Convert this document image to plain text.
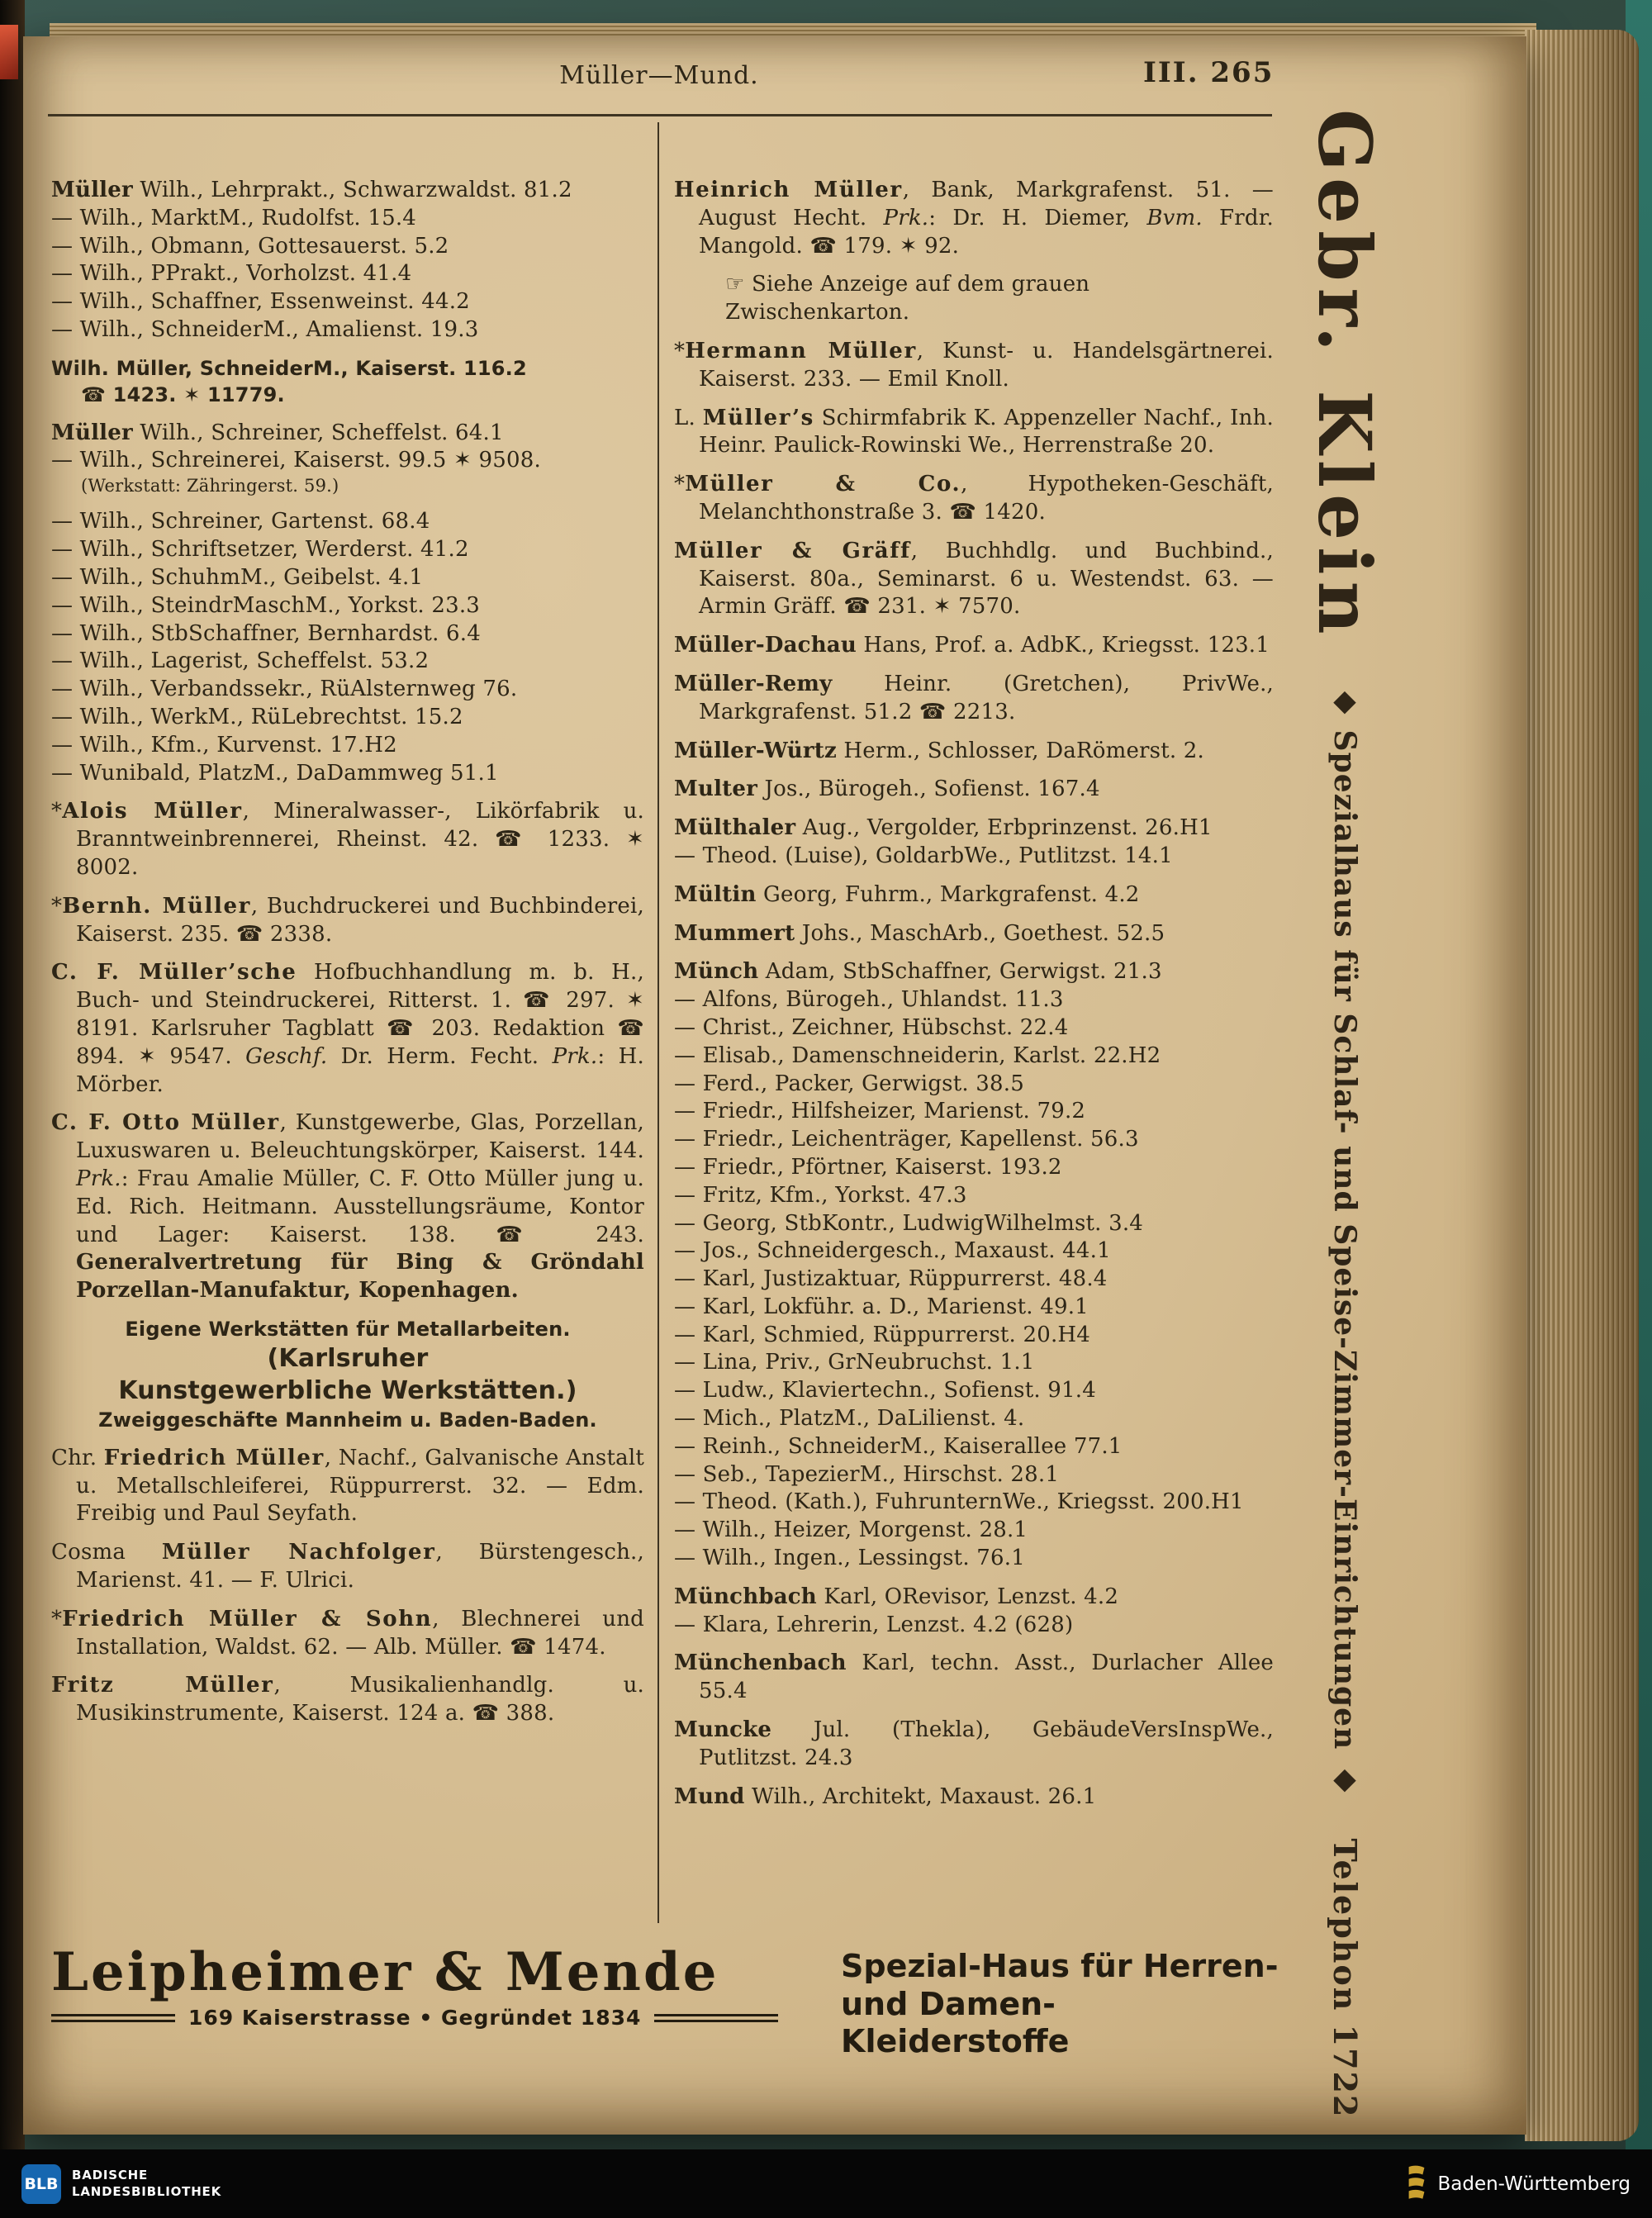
Müller—Mund.	III. 265

Müller Wilh., Lehrprakt., Schwarzwaldst. 81.2

— Wilh., MarktM., Rudolfst. 15.4

— Wilh., Obmann, Gottesauerst. 5.2

— Wilh., PPrakt., Vorholzst. 41.4

— Wilh., Schaffner, Essenweinst. 44.2

— Wilh., SchneiderM., Amalienst. 19.3

Wilh. Müller, SchneiderM., Kaiserst. 116.2

☎ 1423. ✶ 11779.

Müller Wilh., Schreiner, Scheffelst. 64.1

— Wilh., Schreinerei, Kaiserst. 99.5 ✶ 9508.

(Werkstatt: Zähringerst. 59.)

— Wilh., Schreiner, Gartenst. 68.4

— Wilh., Schriftsetzer, Werderst. 41.2

— Wilh., SchuhmM., Geibelst. 4.1

— Wilh., SteindrMaschM., Yorkst. 23.3

— Wilh., StbSchaffner, Bernhardst. 6.4

— Wilh., Lagerist, Scheffelst. 53.2

— Wilh., Verbandssekr., RüAlsternweg 76.

— Wilh., WerkM., RüLebrechtst. 15.2

— Wilh., Kfm., Kurvenst. 17.H2

— Wunibald, PlatzM., DaDammweg 51.1

*Alois Müller, Mineralwasser-, Likörfabrik u. Branntweinbrennerei, Rheinst. 42. ☎ 1233. ✶ 8002.

*Bernh. Müller, Buchdruckerei und Buchbinderei, Kaiserst. 235. ☎ 2338.

C. F. Müller’sche Hofbuchhandlung m. b. H., Buch- und Steindruckerei, Ritterst. 1. ☎ 297. ✶ 8191. Karlsruher Tagblatt ☎ 203. Redaktion ☎ 894. ✶ 9547. Geschf. Dr. Herm. Fecht. Prk.: H. Mörber.

C. F. Otto Müller, Kunstgewerbe, Glas, Porzellan, Luxuswaren u. Beleuchtungskörper, Kaiserst. 144. Prk.: Frau Amalie Müller, C. F. Otto Müller jung u. Ed. Rich. Heitmann. Ausstellungsräume, Kontor und Lager: Kaiserst. 138. ☎ 243. Generalvertretung für Bing & Gröndahl Porzellan-Manufaktur, Kopenhagen.

Eigene Werkstätten für Metallarbeiten.

(Karlsruher

Kunstgewerbliche Werkstätten.)

Zweiggeschäfte Mannheim u. Baden-Baden.

Chr. Friedrich Müller, Nachf., Galvanische Anstalt u. Metallschleiferei, Rüppurrerst. 32. — Edm. Freibig und Paul Seyfath.

Cosma Müller Nachfolger, Bürstengesch., Marienst. 41. — F. Ulrici.

*Friedrich Müller & Sohn, Blechnerei und Installation, Waldst. 62. — Alb. Müller. ☎ 1474.

Fritz Müller, Musikalienhandlg. u. Musikinstrumente, Kaiserst. 124 a. ☎ 388.

Heinrich Müller, Bank, Markgrafenst. 51. — August Hecht. Prk.: Dr. H. Diemer, Bvm. Frdr. Mangold. ☎ 179. ✶ 92.

☞ Siehe Anzeige auf dem grauen Zwischenkarton.

*Hermann Müller, Kunst- u. Handelsgärtnerei. Kaiserst. 233. — Emil Knoll.

L. Müller’s Schirmfabrik K. Appenzeller Nachf., Inh. Heinr. Paulick-Rowinski We., Herrenstraße 20.

*Müller & Co., Hypotheken-Geschäft, Melanchthonstraße 3. ☎ 1420.

Müller & Gräff, Buchhdlg. und Buchbind., Kaiserst. 80a., Seminarst. 6 u. Westendst. 63. — Armin Gräff. ☎ 231. ✶ 7570.

Müller-Dachau Hans, Prof. a. AdbK., Kriegsst. 123.1

Müller-Remy Heinr. (Gretchen), PrivWe., Markgrafenst. 51.2 ☎ 2213.

Müller-Würtz Herm., Schlosser, DaRömerst. 2.

Multer Jos., Bürogeh., Sofienst. 167.4

Mülthaler Aug., Vergolder, Erbprinzenst. 26.H1

— Theod. (Luise), GoldarbWe., Putlitzst. 14.1

Mültin Georg, Fuhrm., Markgrafenst. 4.2

Mummert Johs., MaschArb., Goethest. 52.5

Münch Adam, StbSchaffner, Gerwigst. 21.3

— Alfons, Bürogeh., Uhlandst. 11.3

— Christ., Zeichner, Hübschst. 22.4

— Elisab., Damenschneiderin, Karlst. 22.H2

— Ferd., Packer, Gerwigst. 38.5

— Friedr., Hilfsheizer, Marienst. 79.2

— Friedr., Leichenträger, Kapellenst. 56.3

— Friedr., Pförtner, Kaiserst. 193.2

— Fritz, Kfm., Yorkst. 47.3

— Georg, StbKontr., LudwigWilhelmst. 3.4

— Jos., Schneidergesch., Maxaust. 44.1

— Karl, Justizaktuar, Rüppurrerst. 48.4

— Karl, Lokführ. a. D., Marienst. 49.1

— Karl, Schmied, Rüppurrerst. 20.H4

— Lina, Priv., GrNeubruchst. 1.1

— Ludw., Klaviertechn., Sofienst. 91.4

— Mich., PlatzM., DaLilienst. 4.

— Reinh., SchneiderM., Kaiserallee 77.1

— Seb., TapezierM., Hirschst. 28.1

— Theod. (Kath.), FuhrunternWe., Kriegsst. 200.H1

— Wilh., Heizer, Morgenst. 28.1

— Wilh., Ingen., Lessingst. 76.1

Münchbach Karl, ORevisor, Lenzst. 4.2

— Klara, Lehrerin, Lenzst. 4.2 (628)

Münchenbach Karl, techn. Asst., Durlacher Allee 55.4

Muncke Jul. (Thekla), GebäudeVersInspWe., Putlitzst. 24.3

Mund Wilh., Architekt, Maxaust. 26.1

Gebr. Klein ◆ Spezialhaus für Schlaf- und Speise-Zimmer-Einrichtungen ◆ Telephon 1722
Leipheimer & Mende
169 Kaiserstrasse • Gegründet 1834
Spezial-Haus für Herren-
und Damen-Kleiderstoffe
BLB BADISCHE
LANDESBIBLIOTHEK	Baden-Württemberg
